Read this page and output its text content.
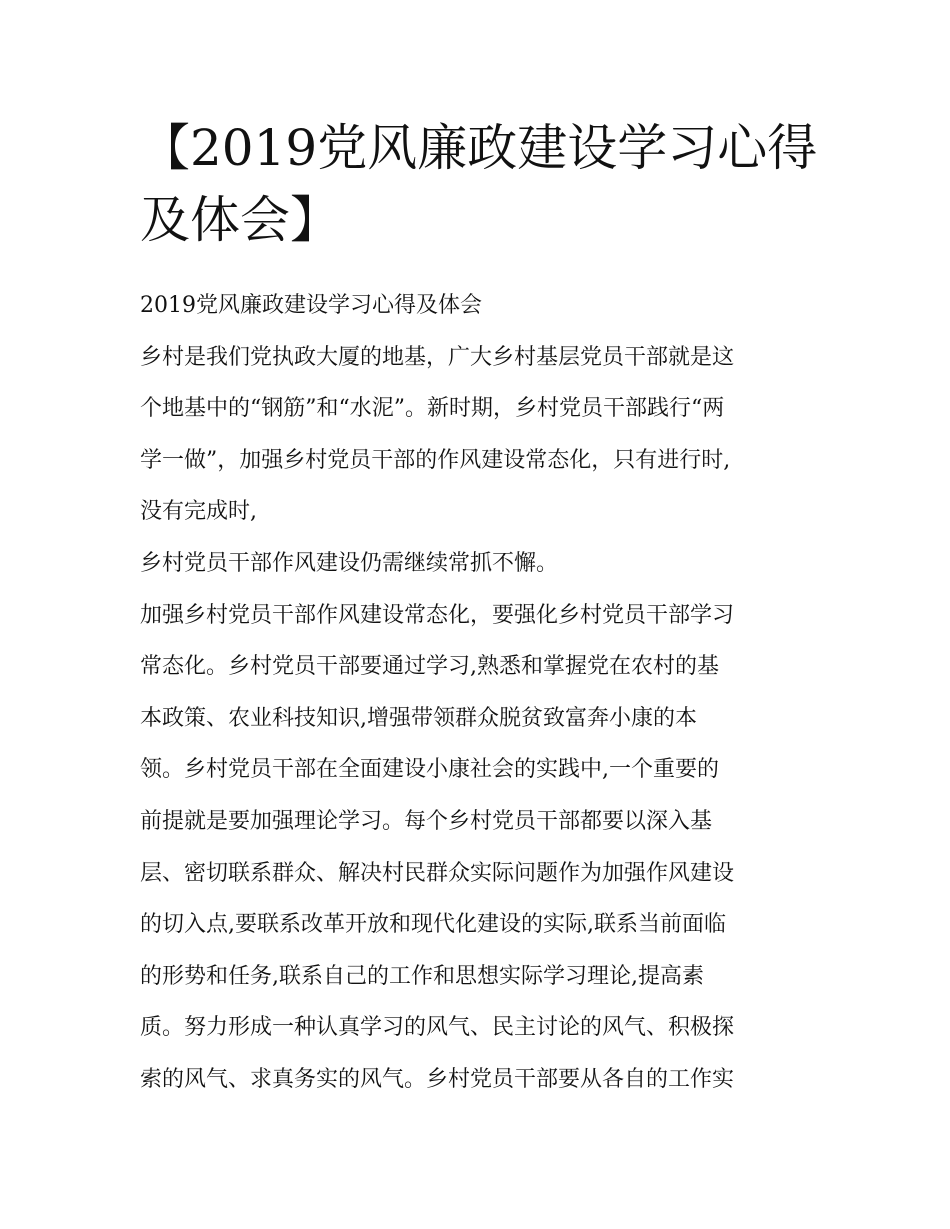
【2019党风廉政建设学习心得
及体会】
2019党风廉政建设学习心得及体会
乡村是我们党执政大厦的地基，广大乡村基层党员干部就是这
个地基中的“钢筋”和“水泥”。新时期，乡村党员干部践行“两
学一做”，加强乡村党员干部的作风建设常态化，只有进行时,
没有完成时,
乡村党员干部作风建设仍需继续常抓不懈。
加强乡村党员干部作风建设常态化，要强化乡村党员干部学习
常态化。乡村党员干部要通过学习,熟悉和掌握党在农村的基
本政策、农业科技知识,增强带领群众脱贫致富奔小康的本
领。乡村党员干部在全面建设小康社会的实践中,一个重要的
前提就是要加强理论学习。每个乡村党员干部都要以深入基
层、密切联系群众、解决村民群众实际问题作为加强作风建设
的切入点,要联系改革开放和现代化建设的实际,联系当前面临
的形势和任务,联系自己的工作和思想实际学习理论,提高素
质。努力形成一种认真学习的风气、民主讨论的风气、积极探
索的风气、求真务实的风气。乡村党员干部要从各自的工作实
